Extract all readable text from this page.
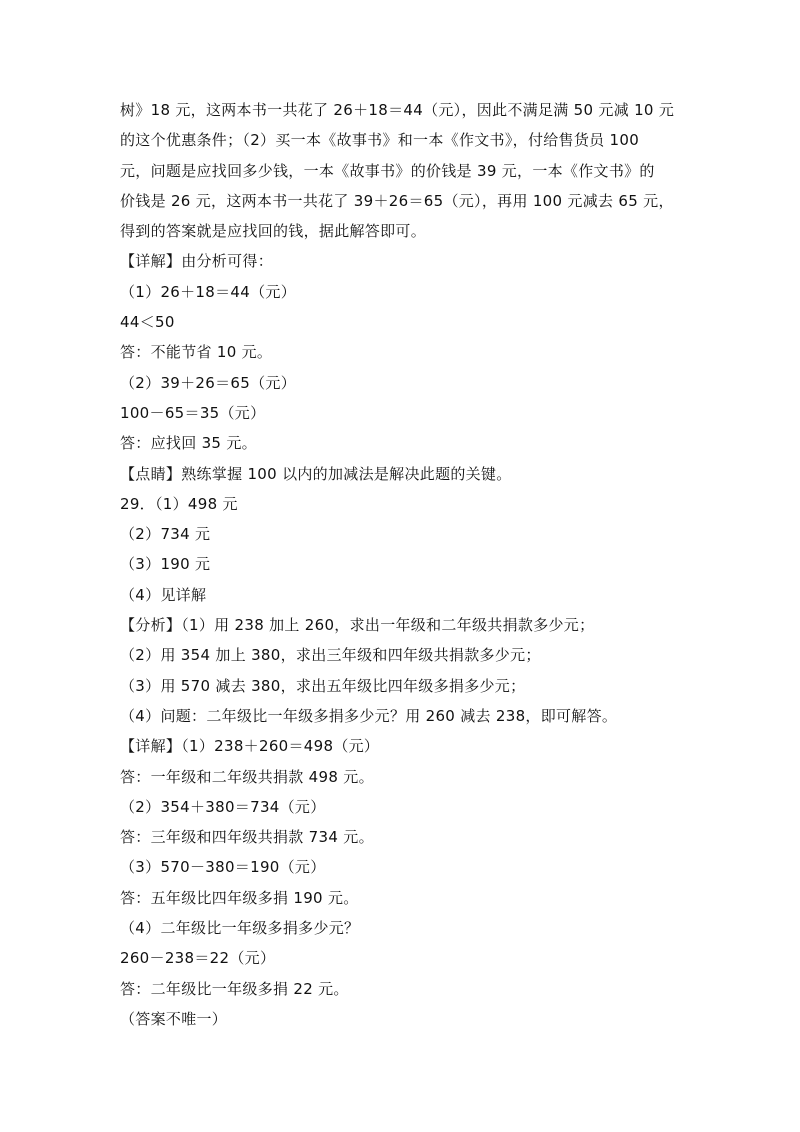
树》18 元，这两本书一共花了 26＋18＝44（元），因此不满足满 50 元减 10 元
的这个优惠条件；（2）买一本《故事书》和一本《作文书》，付给售货员 100
元，问题是应找回多少钱，一本《故事书》的价钱是 39 元，一本《作文书》的
价钱是 26 元，这两本书一共花了 39＋26＝65（元），再用 100 元减去 65 元，
得到的答案就是应找回的钱，据此解答即可。
【详解】由分析可得：
（1）26＋18＝44（元）
44＜50
答：不能节省 10 元。
（2）39＋26＝65（元）
100－65＝35（元）
答：应找回 35 元。
【点睛】熟练掌握 100 以内的加减法是解决此题的关键。
29．（1）498 元
（2）734 元
（3）190 元
（4）见详解
【分析】（1）用 238 加上 260，求出一年级和二年级共捐款多少元；
（2）用 354 加上 380，求出三年级和四年级共捐款多少元；
（3）用 570 减去 380，求出五年级比四年级多捐多少元；
（4）问题：二年级比一年级多捐多少元？用 260 减去 238，即可解答。
【详解】（1）238＋260＝498（元）
答：一年级和二年级共捐款 498 元。
（2）354＋380＝734（元）
答：三年级和四年级共捐款 734 元。
（3）570－380＝190（元）
答：五年级比四年级多捐 190 元。
（4）二年级比一年级多捐多少元？
260－238＝22（元）
答：二年级比一年级多捐 22 元。
（答案不唯一）
